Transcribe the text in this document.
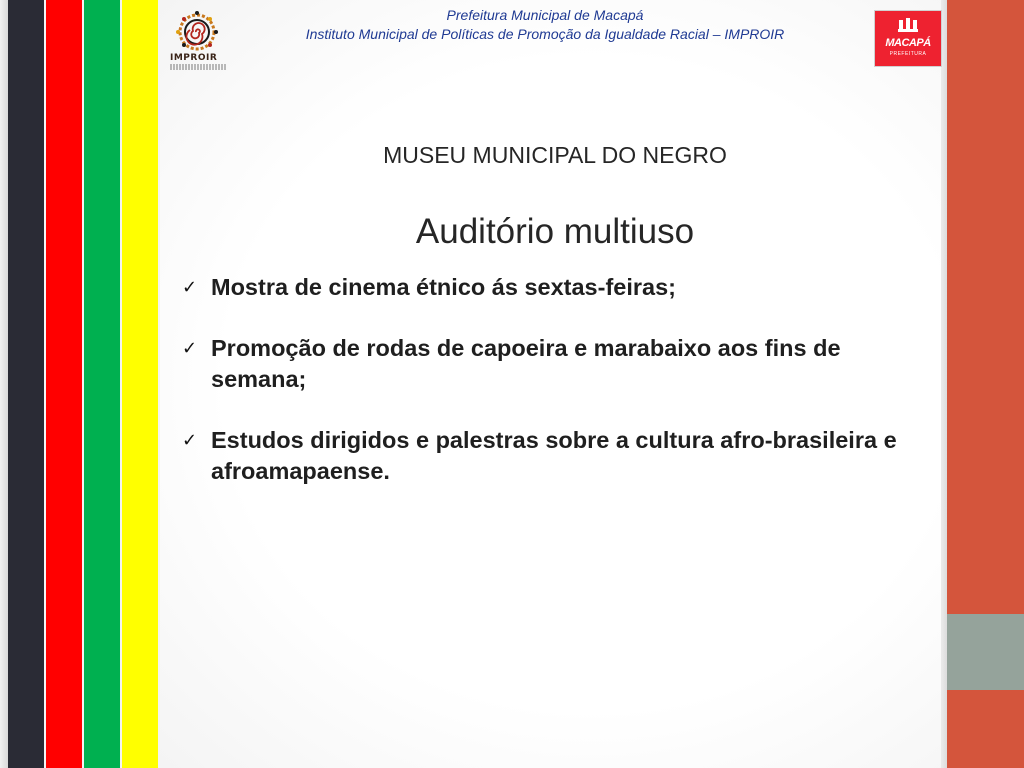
IMPROIR
Prefeitura Municipal de Macapá
Instituto Municipal de Políticas de Promoção da Igualdade Racial – IMPROIR
MACAPÁ
PREFEITURA
MUSEU MUNICIPAL DO NEGRO
Auditório multiuso
✓ Mostra de cinema étnico ás sextas-feiras;
✓ Promoção de rodas de capoeira e marabaixo aos fins de semana;
✓ Estudos dirigidos e palestras sobre a cultura afro-brasileira e afroamapaense.
